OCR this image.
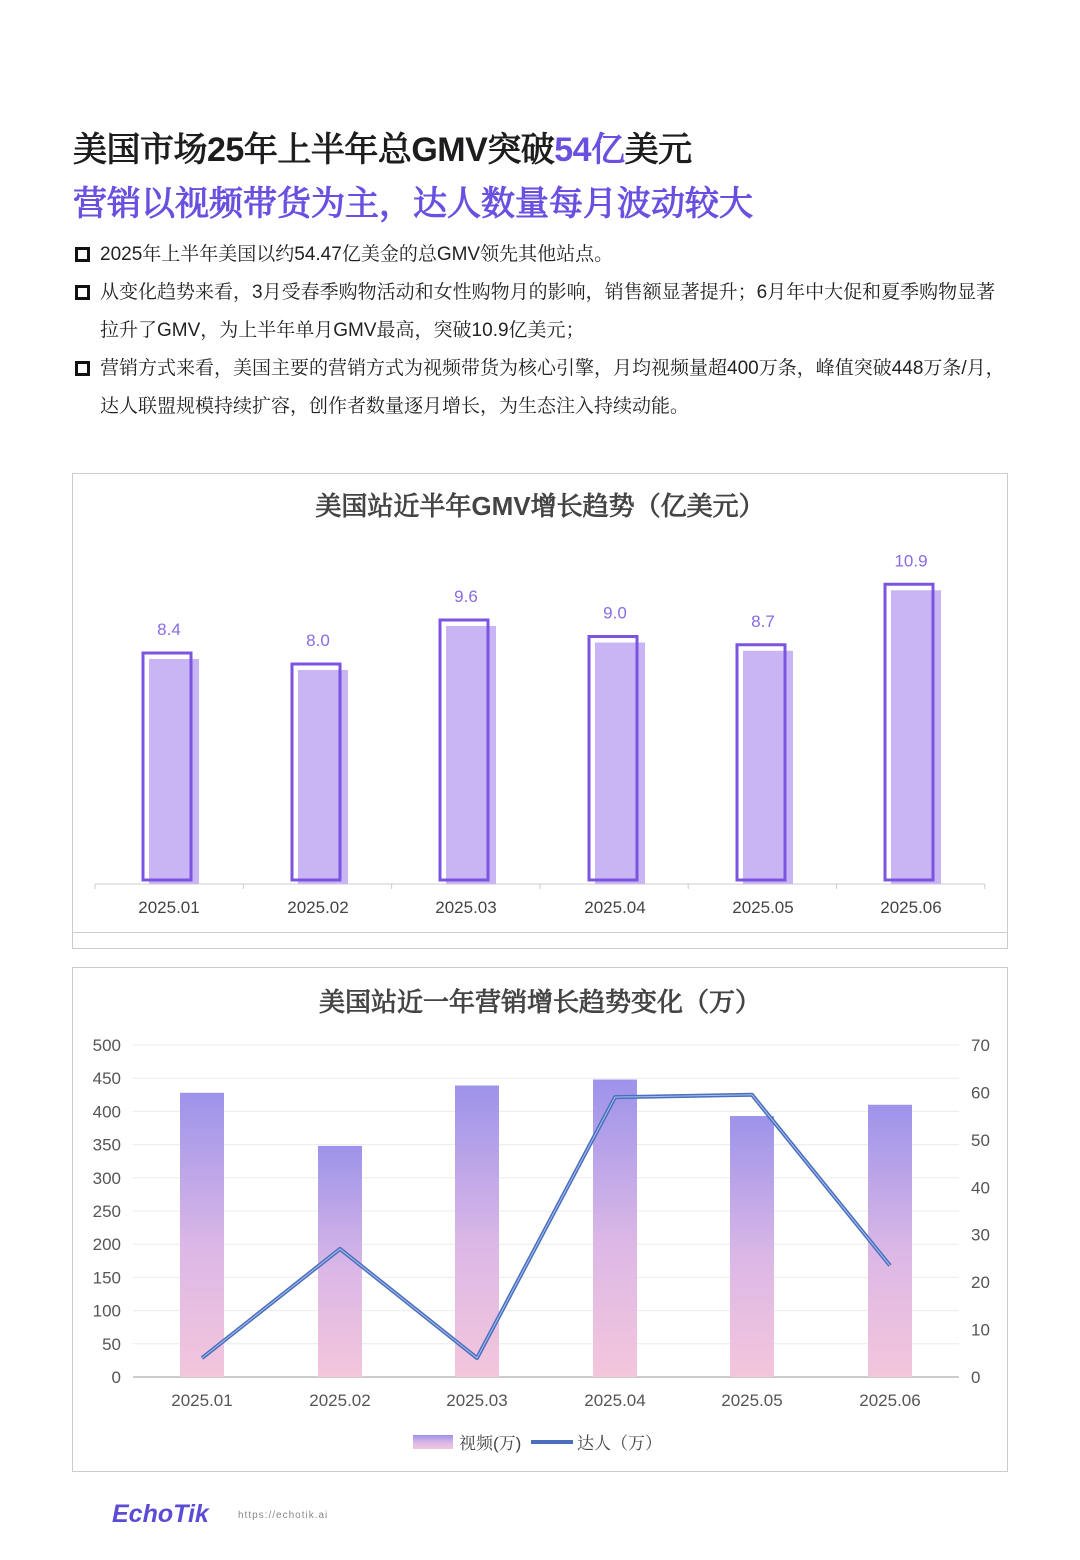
美国市场25年上半年总GMV突破54亿美元
营销以视频带货为主，达人数量每月波动较大
2025年上半年美国以约54.47亿美金的总GMV领先其他站点。
从变化趋势来看，3月受春季购物活动和女性购物月的影响，销售额显著提升；6月年中大促和夏季购物显著拉升了GMV，为上半年单月GMV最高，突破10.9亿美元；
营销方式来看，美国主要的营销方式为视频带货为核心引擎，月均视频量超400万条，峰值突破448万条/月，达人联盟规模持续扩容，创作者数量逐月增长，为生态注入持续动能。
美国站近半年GMV增长趋势（亿美元）
8.4
2025.01
8.0
2025.02
9.6
2025.03
9.0
2025.04
8.7
2025.05
10.9
2025.06
美国站近一年营销增长趋势变化（万）
0
50
100
150
200
250
300
350
400
450
500
0
10
20
30
40
50
60
70
2025.01	2025.02	2025.03	2025.04	2025.05	2025.06
视频(万)	达人（万）
EchoTik	https://echotik.ai
